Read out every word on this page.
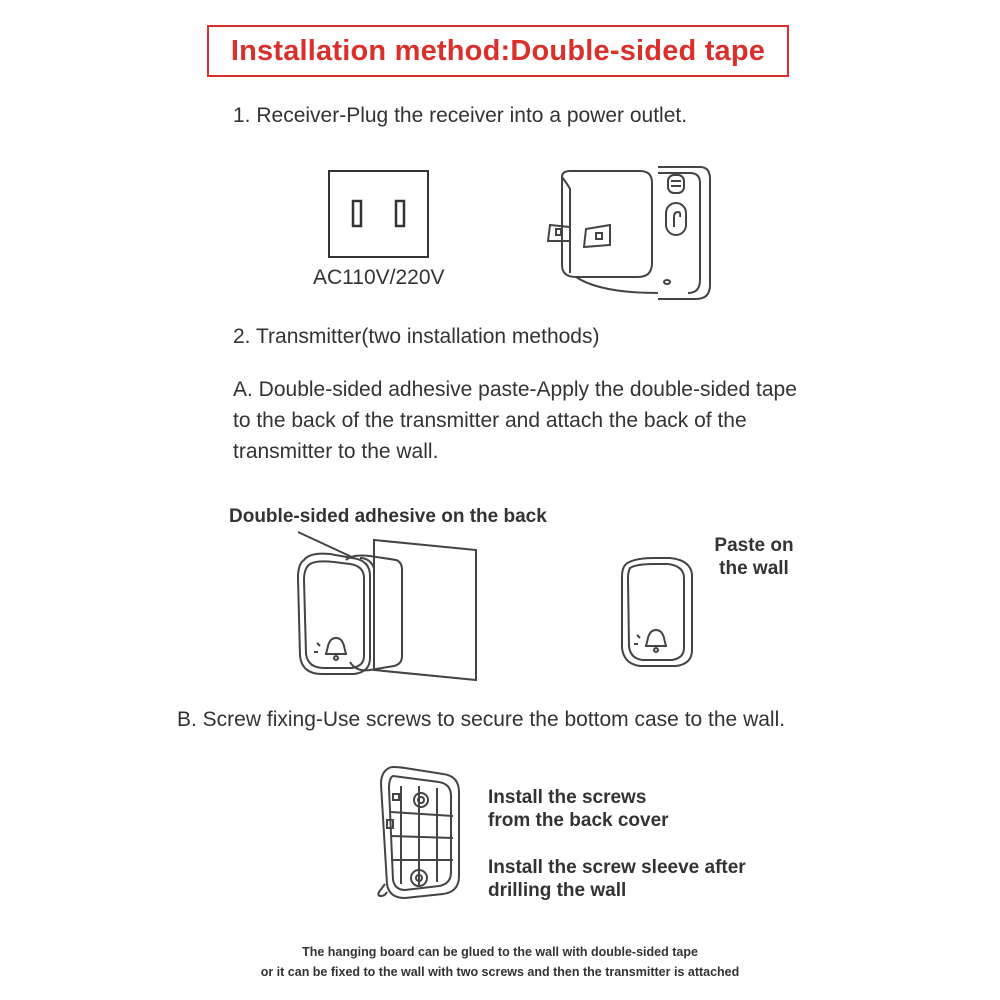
Installation method:Double-sided tape
1. Receiver-Plug the receiver into a power outlet.
AC110V/220V
2. Transmitter(two installation methods)
A. Double-sided adhesive paste-Apply the double-sided tape to the back of the transmitter and attach the back of the transmitter to the wall.
Double-sided adhesive on the back
Paste on
the wall
B. Screw fixing-Use screws to secure the bottom case to the wall.
Install the screws
from the back cover
Install the screw sleeve after
drilling the wall
The hanging board can be glued to the wall with double-sided tape
or it can be fixed to the wall with two screws and then the transmitter is attached
